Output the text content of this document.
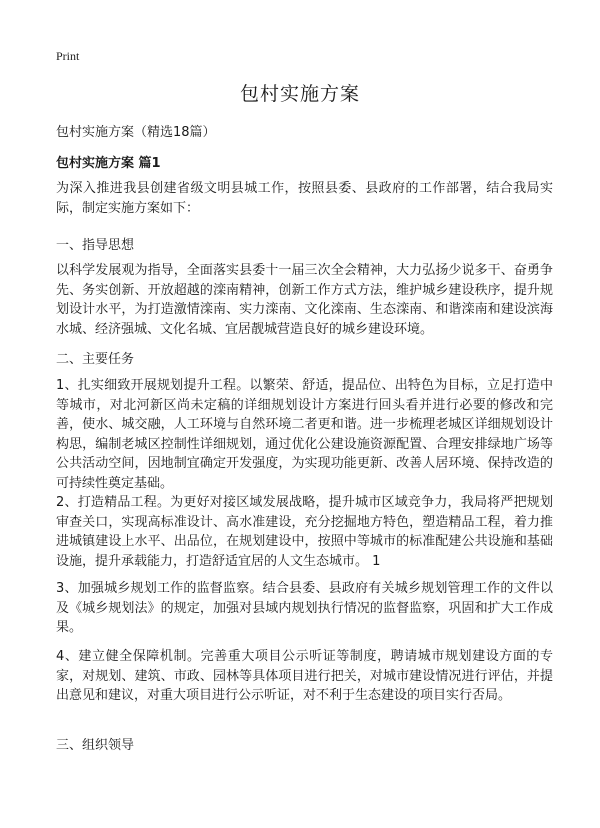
Print
包村实施方案

包村实施方案（精选18篇）

包村实施方案 篇1

为深入推进我县创建省级文明县城工作，按照县委、县政府的工作部署，结合我局实际，制定实施方案如下：

一、指导思想

以科学发展观为指导，全面落实县委十一届三次全会精神，大力弘扬少说多干、奋勇争先、务实创新、开放超越的滦南精神，创新工作方式方法，维护城乡建设秩序，提升规划设计水平，为打造激情滦南、实力滦南、文化滦南、生态滦南、和谐滦南和建设滨海水城、经济强城、文化名城、宜居靓城营造良好的城乡建设环境。

二、主要任务

1、扎实细致开展规划提升工程。以繁荣、舒适，提品位、出特色为目标，立足打造中等城市，对北河新区尚未定稿的详细规划设计方案进行回头看并进行必要的修改和完善，使水、城交融，人工环境与自然环境二者更和谐。进一步梳理老城区详细规划设计构思，编制老城区控制性详细规划，通过优化公建设施资源配置、合理安排绿地广场等公共活动空间，因地制宜确定开发强度，为实现功能更新、改善人居环境、保持改造的可持续性奠定基础。

2、打造精品工程。为更好对接区域发展战略，提升城市区域竞争力，我局将严把规划审查关口，实现高标准设计、高水准建设，充分挖掘地方特色，塑造精品工程，着力推进城镇建设上水平、出品位，在规划建设中，按照中等城市的标准配建公共设施和基础设施，提升承载能力，打造舒适宜居的人文生态城市。 1

3、加强城乡规划工作的监督监察。结合县委、县政府有关城乡规划管理工作的文件以及《城乡规划法》的规定，加强对县域内规划执行情况的监督监察，巩固和扩大工作成果。

4、建立健全保障机制。完善重大项目公示听证等制度，聘请城市规划建设方面的专家，对规划、建筑、市政、园林等具体项目进行把关，对城市建设情况进行评估，并提出意见和建议，对重大项目进行公示听证，对不利于生态建设的项目实行否局。

三、组织领导
